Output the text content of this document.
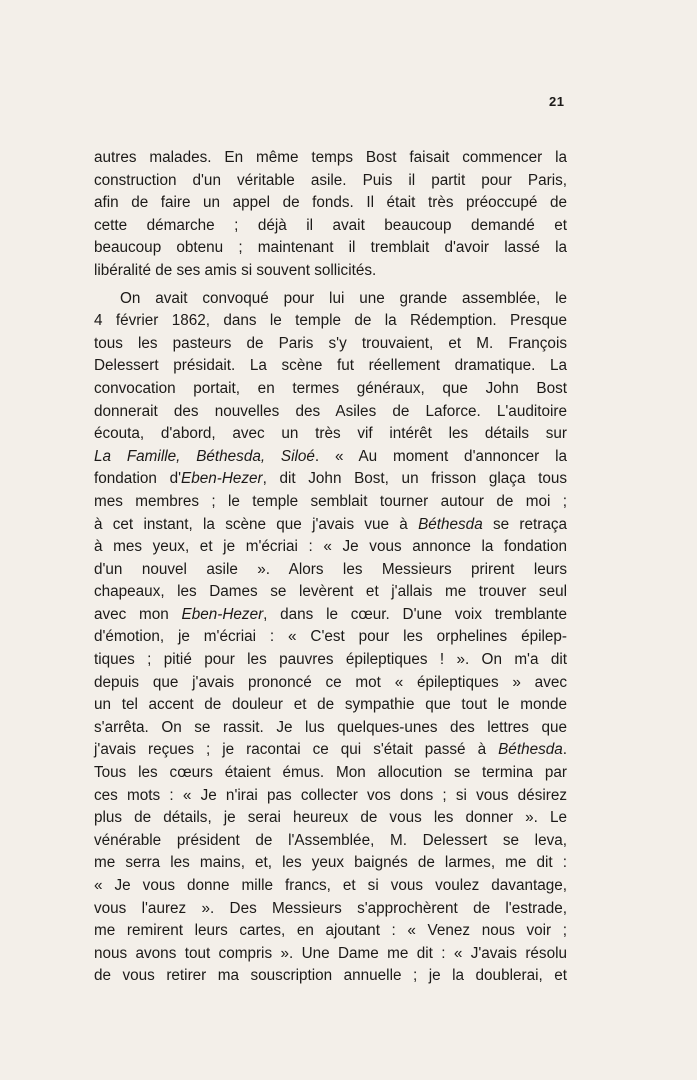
21
autres malades. En même temps Bost faisait commencer la
construction d'un véritable asile. Puis il partit pour Paris,
afin de faire un appel de fonds. Il était très préoccupé de
cette démarche ; déjà il avait beaucoup demandé et
beaucoup obtenu ; maintenant il tremblait d'avoir lassé la
libéralité de ses amis si souvent sollicités.
On avait convoqué pour lui une grande assemblée, le
4 février 1862, dans le temple de la Rédemption. Presque
tous les pasteurs de Paris s'y trouvaient, et M. François
Delessert présidait. La scène fut réellement dramatique. La
convocation portait, en termes généraux, que John Bost
donnerait des nouvelles des Asiles de Laforce. L'auditoire
écouta, d'abord, avec un très vif intérêt les détails sur
La Famille, Béthesda, Siloé. « Au moment d'annoncer la
fondation d'Eben-Hezer, dit John Bost, un frisson glaça tous
mes membres ; le temple semblait tourner autour de moi ;
à cet instant, la scène que j'avais vue à Béthesda se retraça
à mes yeux, et je m'écriai : « Je vous annonce la fondation
d'un nouvel asile ». Alors les Messieurs prirent leurs
chapeaux, les Dames se levèrent et j'allais me trouver seul
avec mon Eben-Hezer, dans le cœur. D'une voix tremblante
d'émotion, je m'écriai : « C'est pour les orphelines épilep-
tiques ; pitié pour les pauvres épileptiques ! ». On m'a dit
depuis que j'avais prononcé ce mot « épileptiques » avec
un tel accent de douleur et de sympathie que tout le monde
s'arrêta. On se rassit. Je lus quelques-unes des lettres que
j'avais reçues ; je racontai ce qui s'était passé à Béthesda.
Tous les cœurs étaient émus. Mon allocution se termina par
ces mots : « Je n'irai pas collecter vos dons ; si vous désirez
plus de détails, je serai heureux de vous les donner ». Le
vénérable président de l'Assemblée, M. Delessert se leva,
me serra les mains, et, les yeux baignés de larmes, me dit :
« Je vous donne mille francs, et si vous voulez davantage,
vous l'aurez ». Des Messieurs s'approchèrent de l'estrade,
me remirent leurs cartes, en ajoutant : « Venez nous voir ;
nous avons tout compris ». Une Dame me dit : « J'avais résolu
de vous retirer ma souscription annuelle ; je la doublerai, et
